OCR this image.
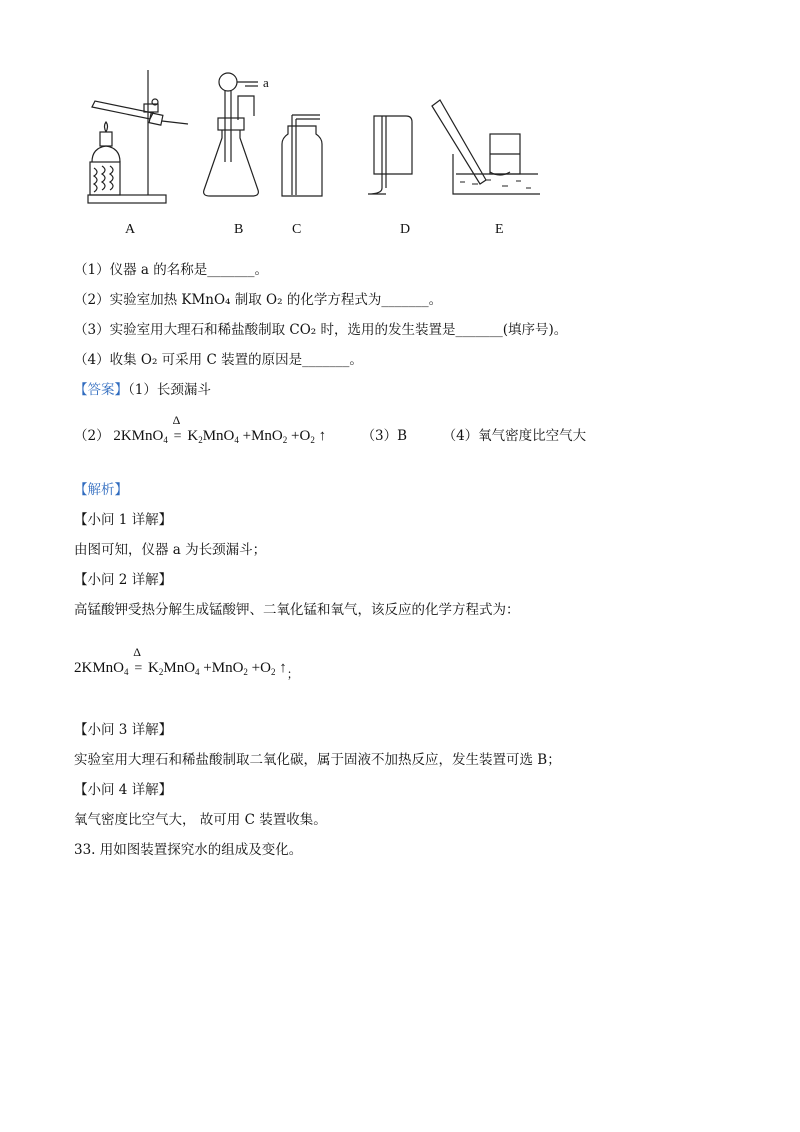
a
A	B	C	D	E
（1）仪器 a 的名称是_______。
（2）实验室加热 KMnO₄ 制取 O₂ 的化学方程式为_______。
（3）实验室用大理石和稀盐酸制取 CO₂ 时，选用的发生装置是_______(填序号)。
（4）收集 O₂ 可采用 C 装置的原因是_______。
【答案】（1）长颈漏斗
（2） 2KMnO$_4$
Δ
= $K_2MnO_4 +MnO_2 +O_2$ ↑	（3）B	（4）氧气密度比空气大
【解析】
【小问 1 详解】
由图可知，仪器 a 为长颈漏斗；
【小问 2 详解】
高锰酸钾受热分解生成锰酸钾、二氧化锰和氧气，该反应的化学方程式为：
2KMnO$_4$
Δ
= $K_2MnO_4 +MnO_2 +O_2$ $↑_;$
【小问 3 详解】
实验室用大理石和稀盐酸制取二氧化碳，属于固液不加热反应，发生装置可选 B；
【小问 4 详解】
氧气密度比空气大， 故可用 C 装置收集。
33. 用如图装置探究水的组成及变化。
